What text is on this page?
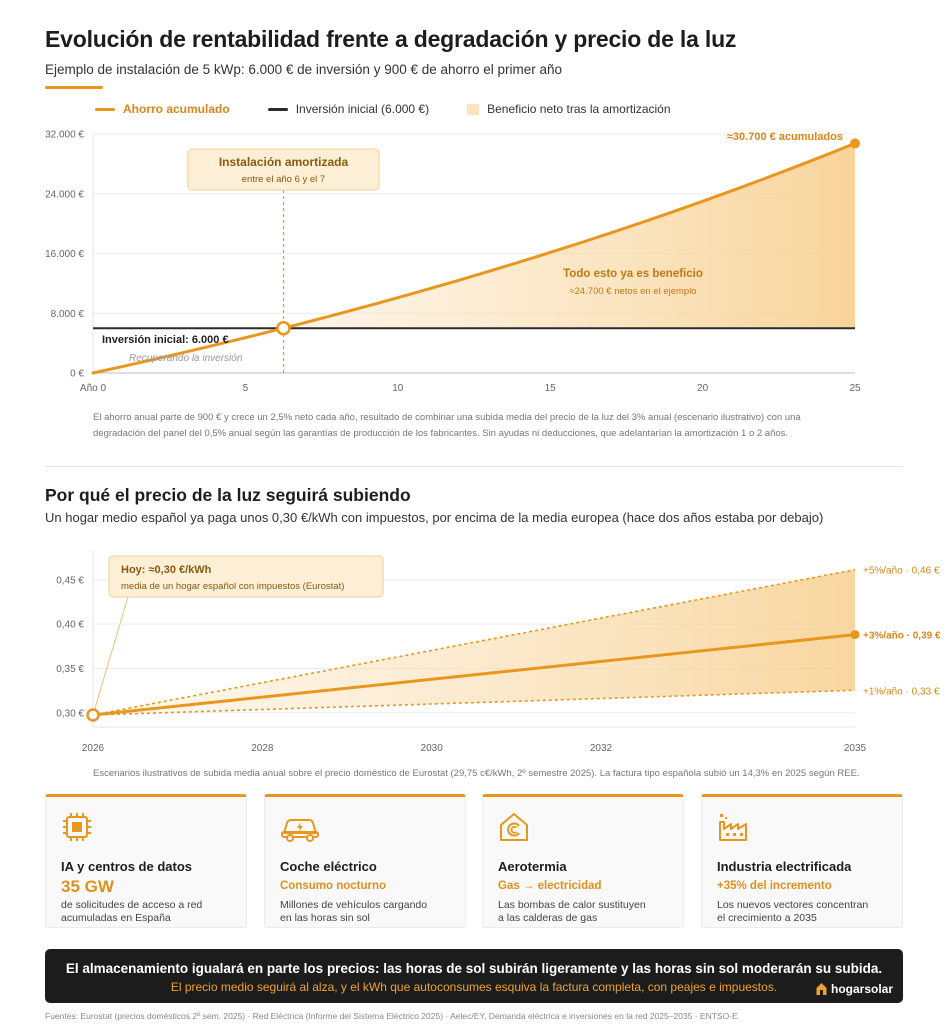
Evolución de rentabilidad frente a degradación y precio de la luz
Ejemplo de instalación de 5 kWp: 6.000 € de inversión y 900 € de ahorro el primer año
Ahorro acumulado	Inversión inicial (6.000 €)	Beneficio neto tras la amortización
0 €
8.000 €
16.000 €
24.000 €
32.000 €
Año 0	5	10	15	20	25
Instalación amortizada
entre el año 6 y el 7
≈30.700 € acumulados
Todo esto ya es beneficio
≈24.700 € netos en el ejemplo
Inversión inicial: 6.000 €
Recuperando la inversión
El ahorro anual parte de 900 € y crece un 2,5% neto cada año, resultado de combinar una subida media del precio de la luz del 3% anual (escenario ilustrativo) con una
degradación del panel del 0,5% anual según las garantías de producción de los fabricantes. Sin ayudas ni deducciones, que adelantarían la amortización 1 o 2 años.
Por qué el precio de la luz seguirá subiendo
Un hogar medio español ya paga unos 0,30 €/kWh con impuestos, por encima de la media europea (hace dos años estaba por debajo)
0,30 €
0,35 €
0,40 €
0,45 €
2026	2028	2030	2032	2035
+5%/año · 0,46 €
+3%/año · 0,39 €
+1%/año · 0,33 €
Hoy: ≈0,30 €/kWh
media de un hogar español con impuestos (Eurostat)
Escenarios ilustrativos de subida media anual sobre el precio doméstico de Eurostat (29,75 c€/kWh, 2º semestre 2025). La factura tipo española subió un 14,3% en 2025 según REE.
IA y centros de datos
35 GW
de solicitudes de acceso a red
acumuladas en España
Coche eléctrico
Consumo nocturno
Millones de vehículos cargando
en las horas sin sol
Aerotermia
Gas → electricidad
Las bombas de calor sustituyen
a las calderas de gas
Industria electrificada
+35% del incremento
Los nuevos vectores concentran
el crecimiento a 2035
El almacenamiento igualará en parte los precios: las horas de sol subirán ligeramente y las horas sin sol moderarán su subida.
El precio medio seguirá al alza, y el kWh que autoconsumes esquiva la factura completa, con peajes e impuestos.	hogarsolar
Fuentes: Eurostat (precios domésticos 2º sem. 2025) · Red Eléctrica (Informe del Sistema Eléctrico 2025) · Aelec/EY, Demanda eléctrica e inversiones en la red 2025–2035 · ENTSO-E
